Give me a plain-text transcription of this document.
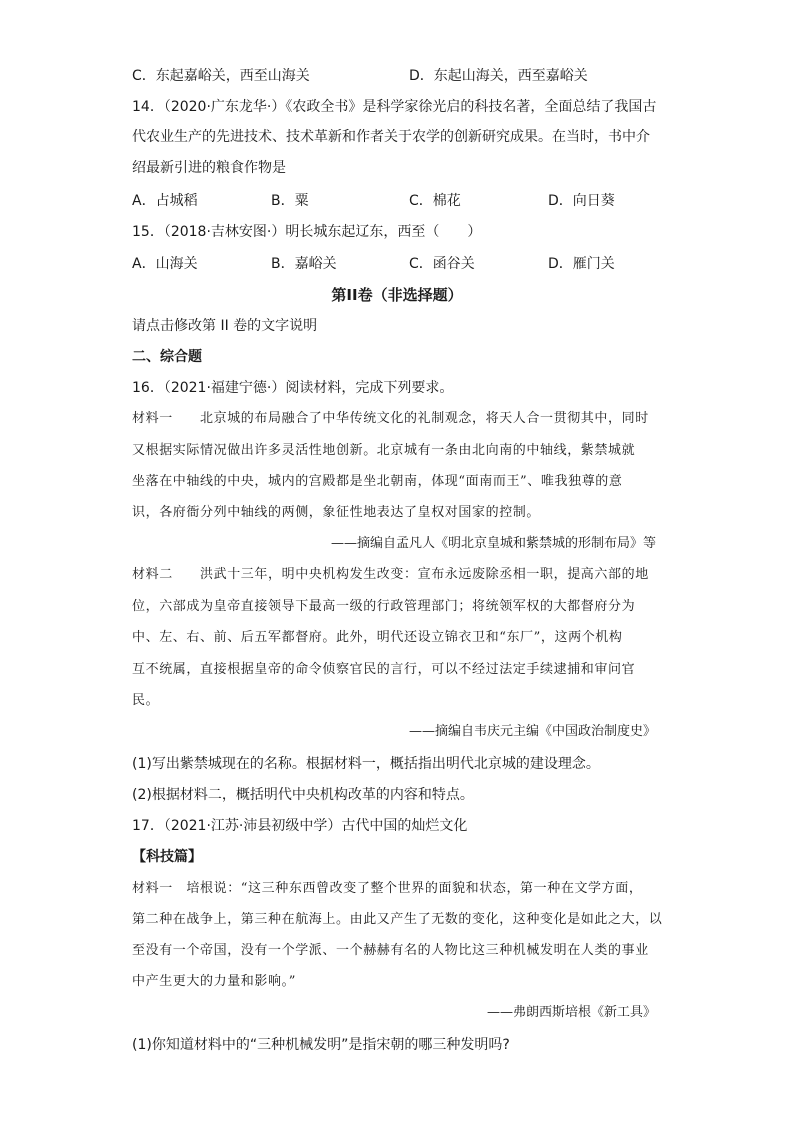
C．东起嘉峪关，西至山海关	D．东起山海关，西至嘉峪关
14．（2020·广东龙华·）《农政全书》是科学家徐光启的科技名著，全面总结了我国古
代农业生产的先进技术、技术革新和作者关于农学的创新研究成果。在当时，书中介
绍最新引进的粮食作物是
A．占城稻	B．粟	C．棉花	D．向日葵
15．（2018·吉林安图·）明长城东起辽东，西至（　　）
A．山海关	B．嘉峪关	C．函谷关	D．雁门关
第II卷（非选择题）
请点击修改第 II 卷的文字说明
二、综合题
16．（2021·福建宁德·）阅读材料，完成下列要求。
材料一　　北京城的布局融合了中华传统文化的礼制观念，将天人合一贯彻其中，同时
又根据实际情况做出许多灵活性地创新。北京城有一条由北向南的中轴线，紫禁城就
坐落在中轴线的中央，城内的宫殿都是坐北朝南，体现“面南而王”、唯我独尊的意
识，各府衙分列中轴线的两侧，象征性地表达了皇权对国家的控制。
——摘编自孟凡人《明北京皇城和紫禁城的形制布局》等
材料二　　洪武十三年，明中央机构发生改变：宣布永远废除丞相一职，提高六部的地
位，六部成为皇帝直接领导下最高一级的行政管理部门；将统领军权的大都督府分为
中、左、右、前、后五军都督府。此外，明代还设立锦衣卫和“东厂”，这两个机构
互不统属，直接根据皇帝的命令侦察官民的言行，可以不经过法定手续逮捕和审问官
民。
——摘编自韦庆元主编《中国政治制度史》
(1)写出紫禁城现在的名称。根据材料一，概括指出明代北京城的建设理念。
(2)根据材料二，概括明代中央机构改革的内容和特点。
17．（2021·江苏·沛县初级中学）古代中国的灿烂文化
【科技篇】
材料一　培根说：“这三种东西曾改变了整个世界的面貌和状态，第一种在文学方面，
第二种在战争上，第三种在航海上。由此又产生了无数的变化，这种变化是如此之大，以
至没有一个帝国，没有一个学派、一个赫赫有名的人物比这三种机械发明在人类的事业
中产生更大的力量和影响。”
——弗朗西斯培根《新工具》
(1)你知道材料中的“三种机械发明”是指宋朝的哪三种发明吗?
